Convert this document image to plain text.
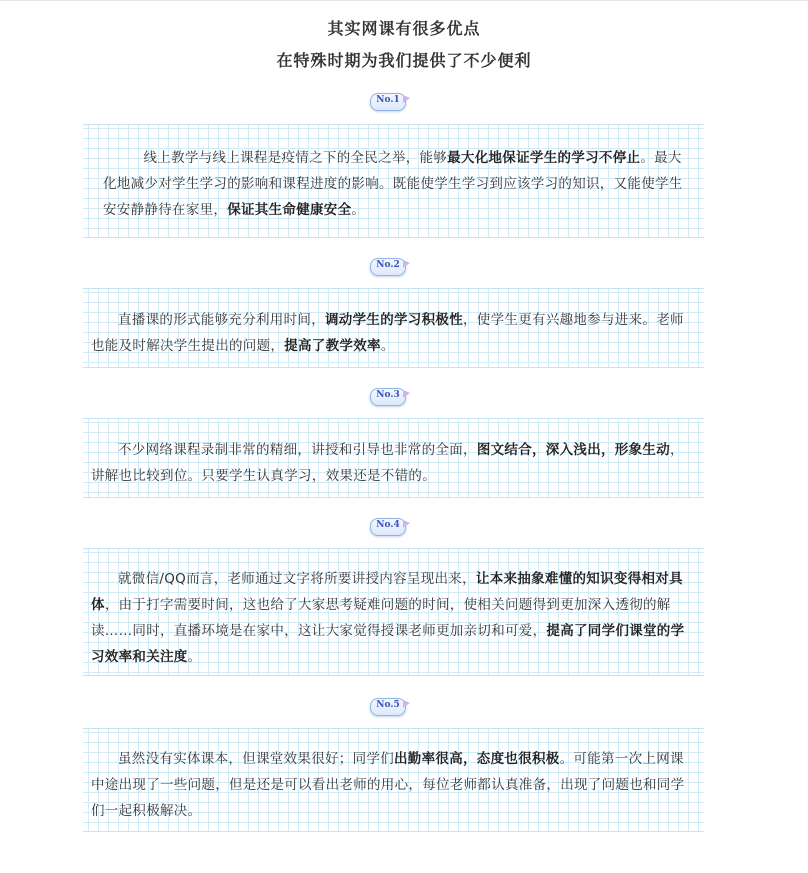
其实网课有很多优点
在特殊时期为我们提供了不少便利
No.1

线上教学与线上课程是疫情之下的全民之举，能够最大化地保证学生的学习不停止。最大化地减少对学生学习的影响和课程进度的影响。既能使学生学习到应该学习的知识，又能使学生安安静静待在家里，保证其生命健康安全。

No.2

直播课的形式能够充分利用时间，调动学生的学习积极性，使学生更有兴趣地参与进来。老师也能及时解决学生提出的问题，提高了教学效率。

No.3

不少网络课程录制非常的精细，讲授和引导也非常的全面，图文结合，深入浅出，形象生动，讲解也比较到位。只要学生认真学习，效果还是不错的。

No.4

就微信/QQ而言，老师通过文字将所要讲授内容呈现出来，让本来抽象难懂的知识变得相对具体，由于打字需要时间，这也给了大家思考疑难问题的时间，使相关问题得到更加深入透彻的解读……同时，直播环境是在家中，这让大家觉得授课老师更加亲切和可爱，提高了同学们课堂的学习效率和关注度。

No.5

虽然没有实体课本，但课堂效果很好；同学们出勤率很高，态度也很积极。可能第一次上网课中途出现了一些问题，但是还是可以看出老师的用心，每位老师都认真准备，出现了问题也和同学们一起积极解决。
